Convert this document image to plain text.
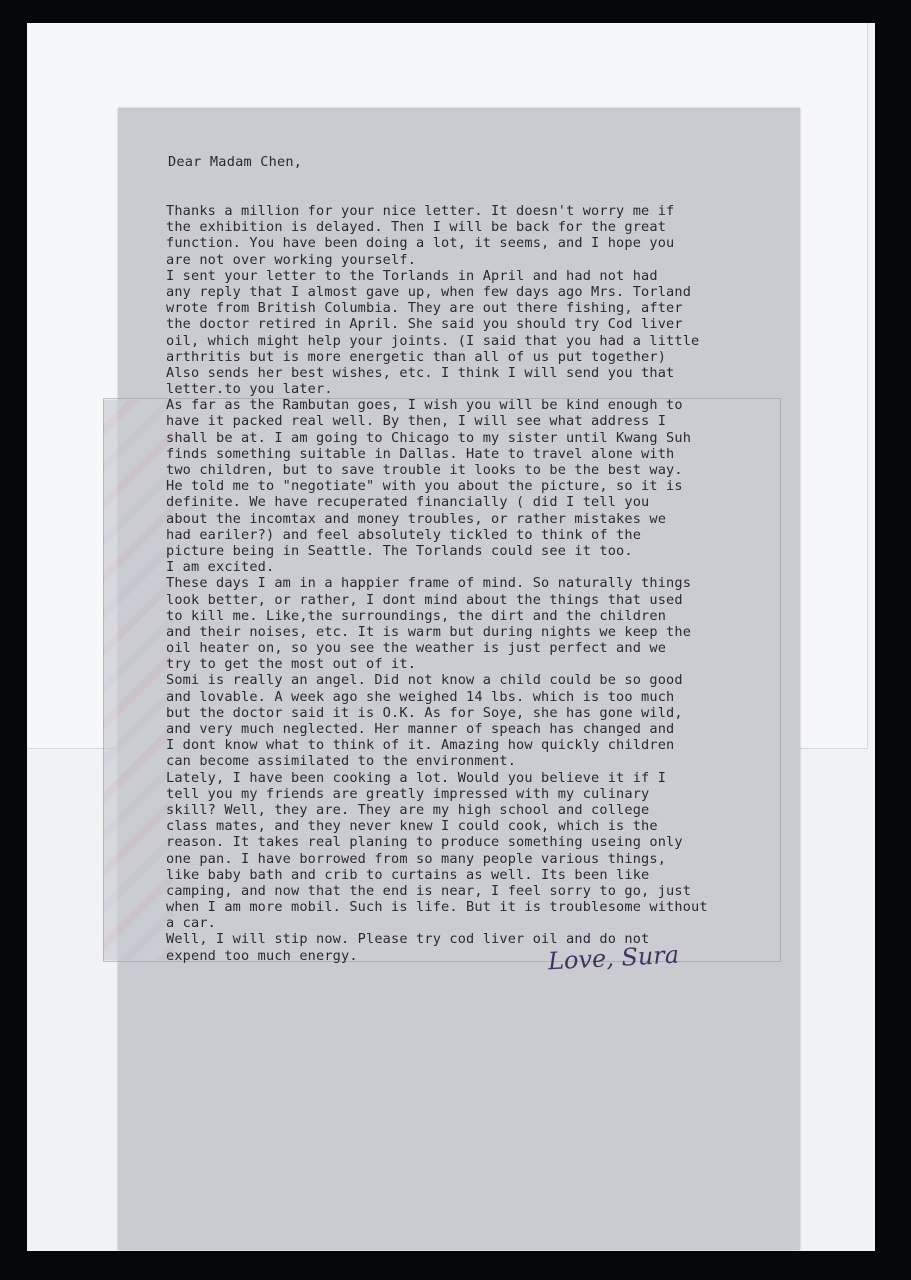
Dear Madam Chen,
Thanks a million for your nice letter. It doesn't worry me if
the exhibition is delayed. Then I will be back for the great
function. You have been doing a lot, it seems, and I hope you
are not over working yourself.
I sent your letter to the Torlands in April and had not had
any reply that I almost gave up, when few days ago Mrs. Torland
wrote from British Columbia. They are out there fishing, after
the doctor retired in April. She said you should try Cod liver
oil, which might help your joints. (I said that you had a little
arthritis but is more energetic than all of us put together)
Also sends her best wishes, etc. I think I will send you that
letter.to you later.
As far as the Rambutan goes, I wish you will be kind enough to
have it packed real well. By then, I will see what address I
shall be at. I am going to Chicago to my sister until Kwang Suh
finds something suitable in Dallas. Hate to travel alone with
two children, but to save trouble it looks to be the best way.
He told me to "negotiate" with you about the picture, so it is
definite. We have recuperated financially ( did I tell you
about the incomtax and money troubles, or rather mistakes we
had eariler?) and feel absolutely tickled to think of the
picture being in Seattle. The Torlands could see it too.
I am excited.
These days I am in a happier frame of mind. So naturally things
look better, or rather, I dont mind about the things that used
to kill me. Like,the surroundings, the dirt and the children
and their noises, etc. It is warm but during nights we keep the
oil heater on, so you see the weather is just perfect and we
try to get the most out of it.
Somi is really an angel. Did not know a child could be so good
and lovable. A week ago she weighed 14 lbs. which is too much
but the doctor said it is O.K. As for Soye, she has gone wild,
and very much neglected. Her manner of speach has changed and
I dont know what to think of it. Amazing how quickly children
can become assimilated to the environment.
Lately, I have been cooking a lot. Would you believe it if I
tell you my friends are greatly impressed with my culinary
skill? Well, they are. They are my high school and college
class mates, and they never knew I could cook, which is the
reason. It takes real planing to produce something useing only
one pan. I have borrowed from so many people various things,
like baby bath and crib to curtains as well. Its been like
camping, and now that the end is near, I feel sorry to go, just
when I am more mobil. Such is life. But it is troublesome without
a car.
Well, I will stip now. Please try cod liver oil and do not
expend too much energy.	Love, Sura
